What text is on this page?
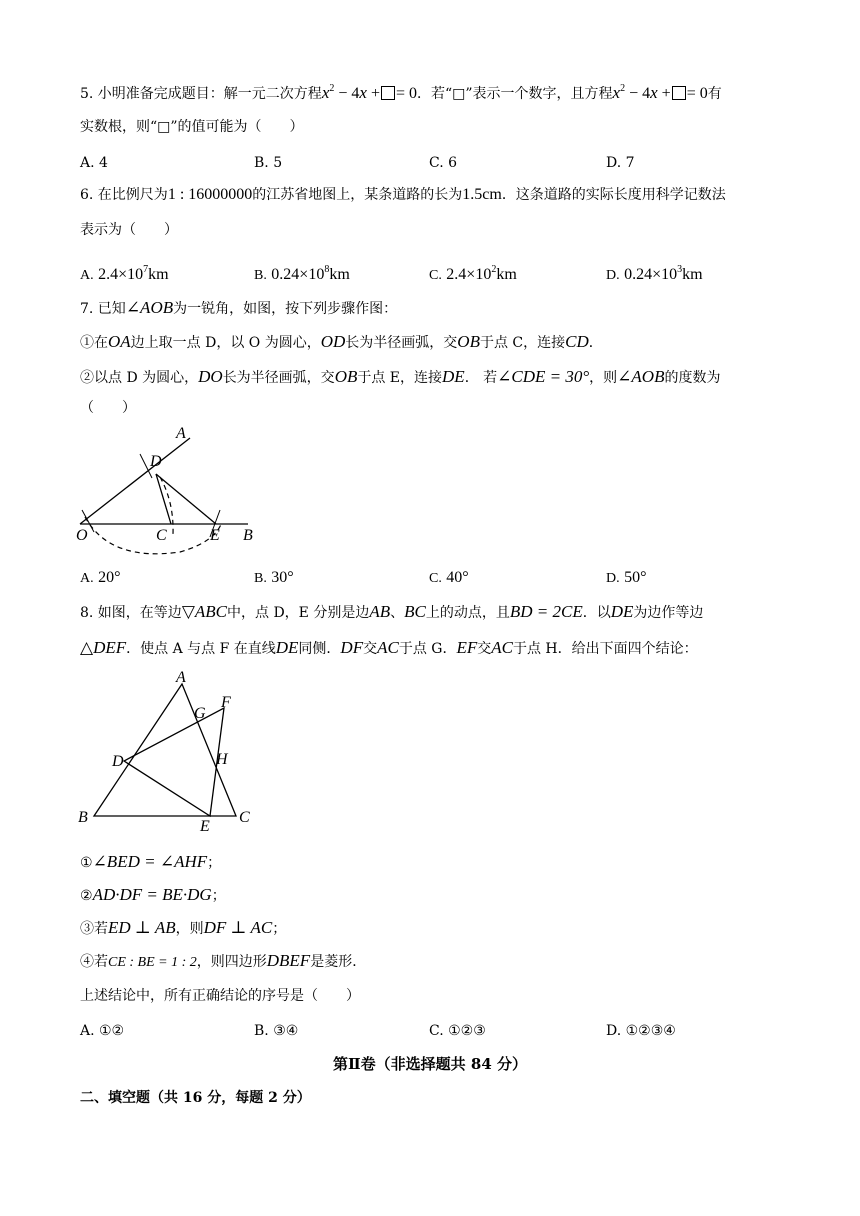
5. 小明准备完成题目：解一元二次方程$x^2 - 4x$ + = 0．若“□”表示一个数字，且方程$x^2 - 4x$ + = 0有
实数根，则“□”的值可能为（　　）
A. 4	B. 5	C. 6	D. 7
6. 在比例尺为1 : 16000000的江苏省地图上，某条道路的长为1.5cm．这条道路的实际长度用科学记数法
表示为（　　）
A. $2.4\times 10^7km$	B. $0.24\times 10^8km$	C. $2.4\times 10^2km$	D. $0.24\times 10^3km$
7. 已知∠AOB为一锐角，如图，按下列步骤作图：
①在OA边上取一点 D，以 O 为圆心，OD长为半径画弧，交OB于点 C，连接CD．
②以点 D 为圆心，DO长为半径画弧，交OB于点 E，连接DE． 若∠CDE = 30°，则∠AOB的度数为
（　　）
A
D
O	C	E B
A. 20°	B. 30°	C. 40°	D. 50°
8. 如图，在等边▽ABC中，点 D，E 分别是边AB、BC上的动点，且BD = 2CE．以DE为边作等边
△DEF．使点 A 与点 F 在直线DE同侧．DF交AC于点 G．EF交AC于点 H．给出下面四个结论：
A
G
F
D	H
B
E
C
①∠BED = ∠AHF；
②AD·DF = BE·DG；
③若ED ⊥ AB，则DF ⊥ AC；
④若CE : BE = 1 : 2，则四边形DBEF是菱形．
上述结论中，所有正确结论的序号是（　　）
A. ①②	B. ③④	C. ①②③	D. ①②③④
第Ⅱ卷（非选择题共 84 分）
二、填空题（共 16 分，每题 2 分）
